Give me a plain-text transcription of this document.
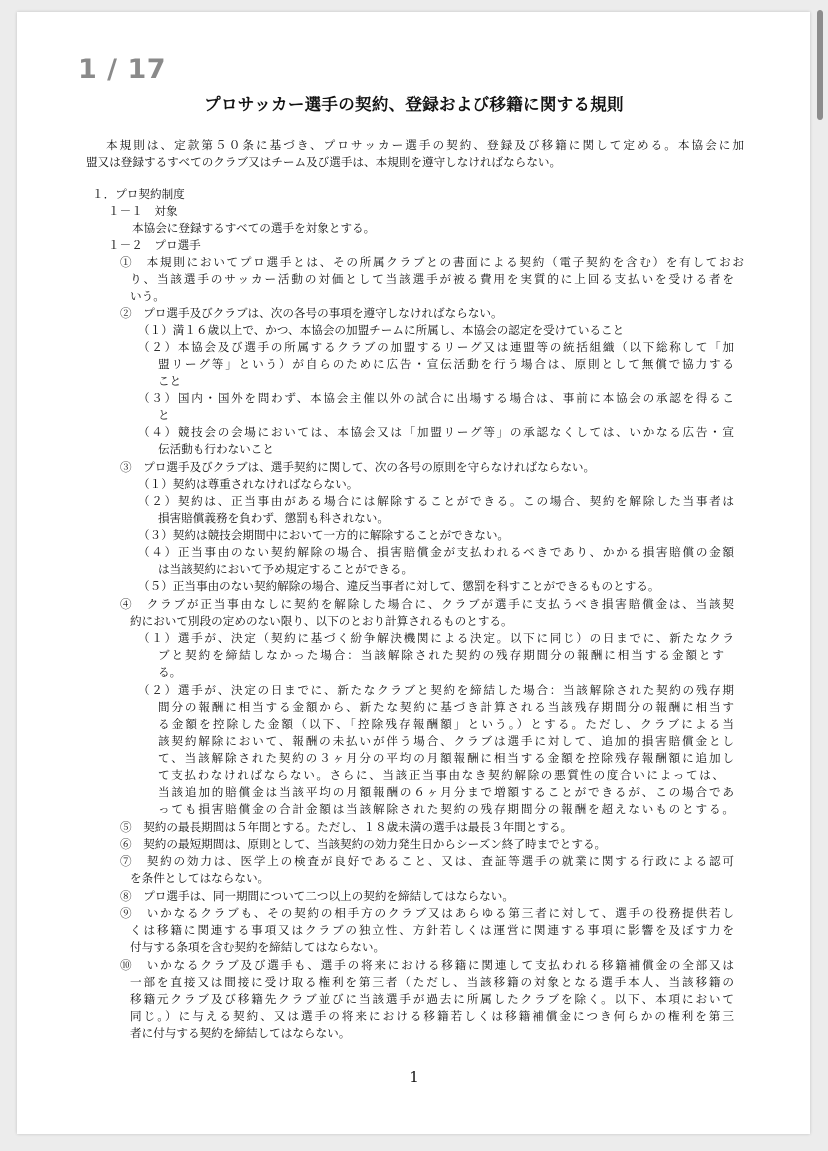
1 / 17
プロサッカー選手の契約、登録および移籍に関する規則
本規則は、定款第５０条に基づき、プロサッカー選手の契約、登録及び移籍に関して定める。本協会に加
盟又は登録するすべてのクラブ又はチーム及び選手は、本規則を遵守しなければならない。
１．プロ契約制度
１－１　対象
本協会に登録するすべての選手を対象とする。
１－２　プロ選手
①　本規則においてプロ選手とは、その所属クラブとの書面による契約（電子契約を含む）を有しておお
り、当該選手のサッカー活動の対価として当該選手が被る費用を実質的に上回る支払いを受ける者を
いう。
②　プロ選手及びクラブは、次の各号の事項を遵守しなければならない。
（１）満１６歳以上で、かつ、本協会の加盟チームに所属し、本協会の認定を受けていること
（２）本協会及び選手の所属するクラブの加盟するリーグ又は連盟等の統括組織（以下総称して「加
盟リーグ等」という）が自らのために広告・宣伝活動を行う場合は、原則として無償で協力する
こと
（３）国内・国外を問わず、本協会主催以外の試合に出場する場合は、事前に本協会の承認を得るこ
と
（４）競技会の会場においては、本協会又は「加盟リーグ等」の承認なくしては、いかなる広告・宣
伝活動も行わないこと
③　プロ選手及びクラブは、選手契約に関して、次の各号の原則を守らなければならない。
（１）契約は尊重されなければならない。
（２）契約は、正当事由がある場合には解除することができる。この場合、契約を解除した当事者は
損害賠償義務を負わず、懲罰も科されない。
（３）契約は競技会期間中において一方的に解除することができない。
（４）正当事由のない契約解除の場合、損害賠償金が支払われるべきであり、かかる損害賠償の金額
は当該契約において予め規定することができる。
（５）正当事由のない契約解除の場合、違反当事者に対して、懲罰を科すことができるものとする。
④　クラブが正当事由なしに契約を解除した場合に、クラブが選手に支払うべき損害賠償金は、当該契
約において別段の定めのない限り、以下のとおり計算されるものとする。
（１）選手が、決定（契約に基づく紛争解決機関による決定。以下に同じ）の日までに、新たなクラ
ブと契約を締結しなかった場合：当該解除された契約の残存期間分の報酬に相当する金額とす
る。
（２）選手が、決定の日までに、新たなクラブと契約を締結した場合：当該解除された契約の残存期
間分の報酬に相当する金額から、新たな契約に基づき計算される当該残存期間分の報酬に相当す
る金額を控除した金額（以下、「控除残存報酬額」という。）とする。ただし、クラブによる当
該契約解除において、報酬の未払いが伴う場合、クラブは選手に対して、追加的損害賠償金とし
て、当該解除された契約の３ヶ月分の平均の月額報酬に相当する金額を控除残存報酬額に追加し
て支払わなければならない。さらに、当該正当事由なき契約解除の悪質性の度合いによっては、
当該追加的賠償金は当該平均の月額報酬の６ヶ月分まで増額することができるが、この場合であ
っても損害賠償金の合計金額は当該解除された契約の残存期間分の報酬を超えないものとする。
⑤　契約の最長期間は５年間とする。ただし、１８歳未満の選手は最長３年間とする。
⑥　契約の最短期間は、原則として、当該契約の効力発生日からシーズン終了時までとする。
⑦　契約の効力は、医学上の検査が良好であること、又は、査証等選手の就業に関する行政による認可
を条件としてはならない。
⑧　プロ選手は、同一期間について二つ以上の契約を締結してはならない。
⑨　いかなるクラブも、その契約の相手方のクラブ又はあらゆる第三者に対して、選手の役務提供若し
くは移籍に関連する事項又はクラブの独立性、方針若しくは運営に関連する事項に影響を及ぼす力を
付与する条項を含む契約を締結してはならない。
⑩　いかなるクラブ及び選手も、選手の将来における移籍に関連して支払われる移籍補償金の全部又は
一部を直接又は間接に受け取る権利を第三者（ただし、当該移籍の対象となる選手本人、当該移籍の
移籍元クラブ及び移籍先クラブ並びに当該選手が過去に所属したクラブを除く。以下、本項において
同じ。）に与える契約、又は選手の将来における移籍若しくは移籍補償金につき何らかの権利を第三
者に付与する契約を締結してはならない。
1
